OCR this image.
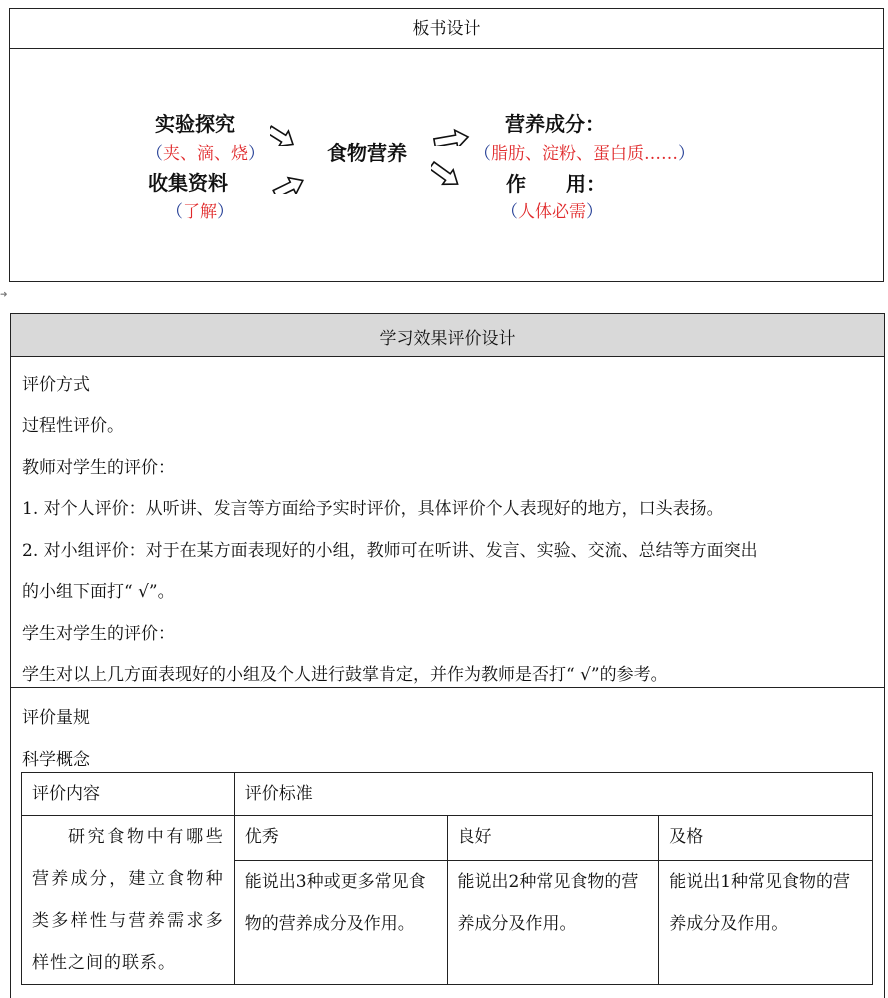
板书设计
实验探究
（夹、滴、烧）
收集资料
（了解）
食物营养
营养成分：
（脂肪、淀粉、蛋白质……）
作　　用：
（人体必需）
➜
学习效果评价设计
评价方式
过程性评价。
教师对学生的评价：
1. 对个人评价：从听讲、发言等方面给予实时评价，具体评价个人表现好的地方，口头表扬。
2. 对小组评价：对于在某方面表现好的小组，教师可在听讲、发言、实验、交流、总结等方面突出
的小组下面打“ √”。
学生对学生的评价：
学生对以上几方面表现好的小组及个人进行鼓掌肯定，并作为教师是否打“ √”的参考。
评价量规
科学概念
评价内容	评价标准		
研究食物中有哪些营养成分，建立食物种类多样性与营养需求多样性之间的联系。	优秀	良好	及格
	能说出3种或更多常见食物的营养成分及作用。	能说出2种常见食物的营养成分及作用。	能说出1种常见食物的营养成分及作用。
